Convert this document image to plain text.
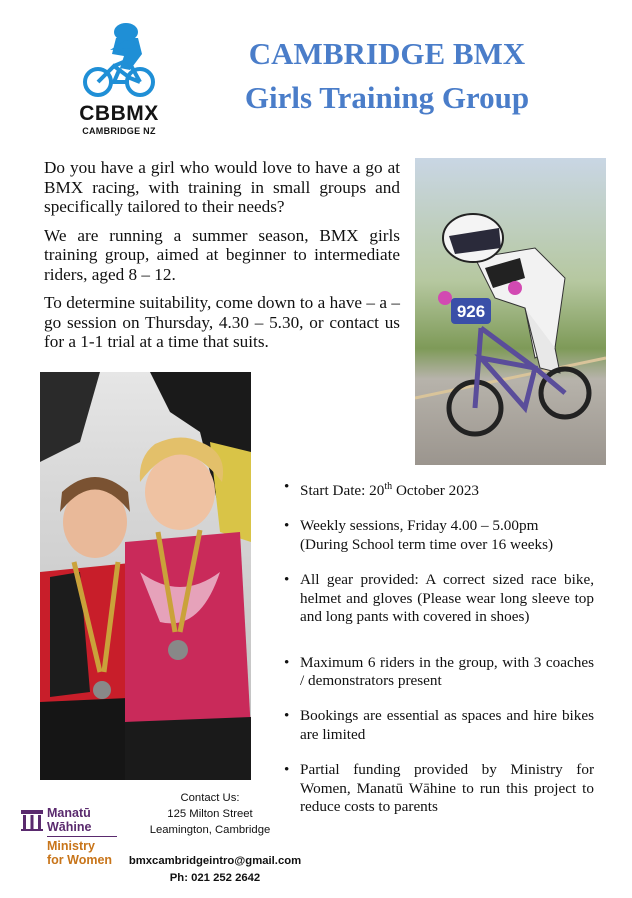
CBBMX
CAMBRIDGE NZ
CAMBRIDGE BMX
Girls Training Group

Do you have a girl who would love to have a go at BMX racing, with training in small groups and specifically tailored to their needs?

We are running a summer season, BMX girls training group, aimed at beginner to intermediate riders, aged 8 – 12.

To determine suitability, come down to a have – a – go session on Thursday, 4.30 – 5.30, or contact us for a 1-1 trial at a time that suits.

926
• Start Date: 20th October 2023
• Weekly sessions, Friday 4.00 – 5.00pm
(During School term time over 16 weeks)
• All gear provided: A correct sized race bike, helmet and gloves (Please wear long sleeve top and long pants with covered in shoes)
• Maximum 6 riders in the group, with 3 coaches / demonstrators present
• Bookings are essential as spaces and hire bikes are limited
• Partial funding provided by Ministry for Women, Manatū Wāhine to run this project to reduce costs to parents
Manatū
Wāhine
Ministry
for Women
Contact Us:
125 Milton Street
Leamington, Cambridge
bmxcambridgeintro@gmail.com
Ph: 021 252 2642
